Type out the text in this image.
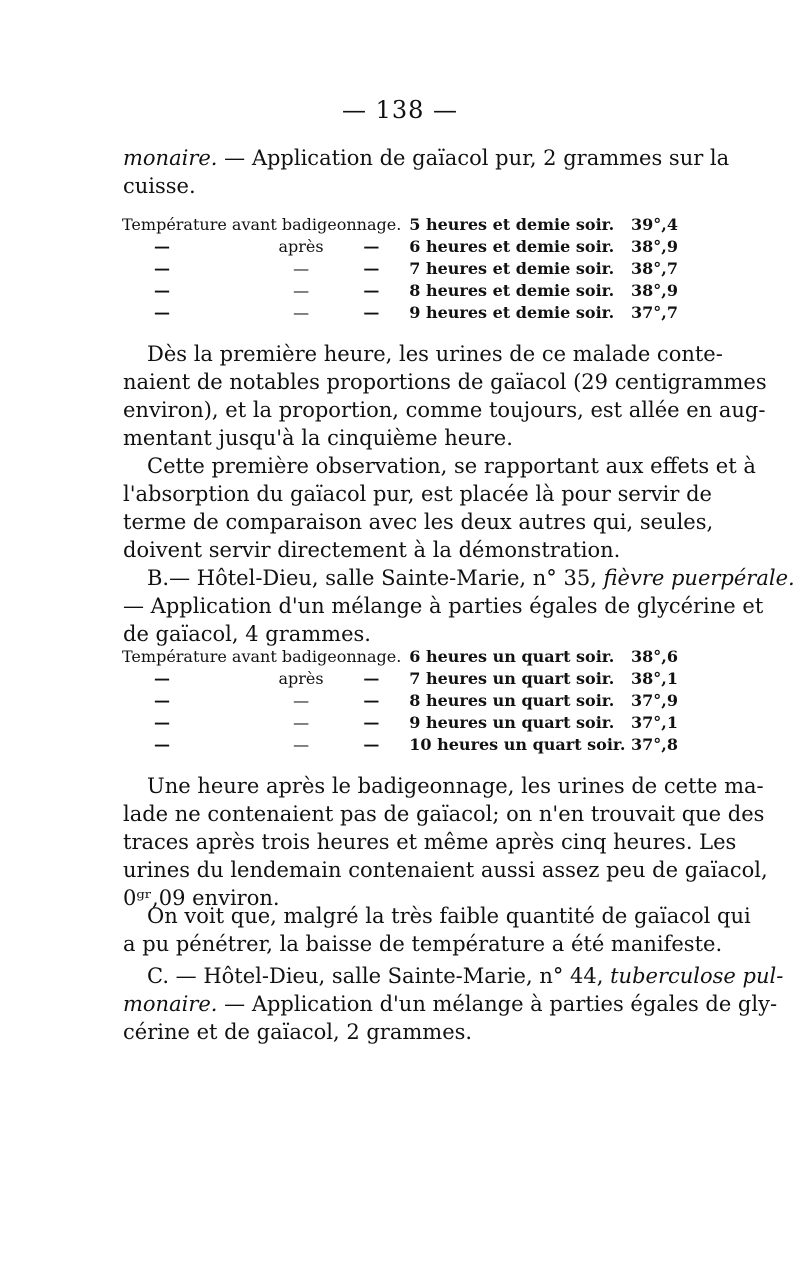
— 138 —
monaire. — Application de gaïacol pur, 2 grammes sur la
cuisse.
Température avant badigeonnage.			5 heures et demie soir.	39°,4
—	après	—	6 heures et demie soir.	38°,9
—	—	—	7 heures et demie soir.	38°,7
—	—	—	8 heures et demie soir.	38°,9
—	—	—	9 heures et demie soir.	37°,7
Dès la première heure, les urines de ce malade conte-
naient de notables proportions de gaïacol (29 centigrammes
environ), et la proportion, comme toujours, est allée en aug-
mentant jusqu'à la cinquième heure.
Cette première observation, se rapportant aux effets et à
l'absorption du gaïacol pur, est placée là pour servir de
terme de comparaison avec les deux autres qui, seules,
doivent servir directement à la démonstration.
B.— Hôtel-Dieu, salle Sainte-Marie, n° 35, fièvre puerpérale.
— Application d'un mélange à parties égales de glycérine et
de gaïacol, 4 grammes.
Température avant badigeonnage.			6 heures un quart soir.	38°,6
—	après	—	7 heures un quart soir.	38°,1
—	—	—	8 heures un quart soir.	37°,9
—	—	—	9 heures un quart soir.	37°,1
—	—	—	10 heures un quart soir.	37°,8
Une heure après le badigeonnage, les urines de cette ma-
lade ne contenaient pas de gaïacol; on n'en trouvait que des
traces après trois heures et même après cinq heures. Les
urines du lendemain contenaient aussi assez peu de gaïacol,
0ᵍʳ,09 environ.
On voit que, malgré la très faible quantité de gaïacol qui
a pu pénétrer, la baisse de température a été manifeste.
C. — Hôtel-Dieu, salle Sainte-Marie, n° 44, tuberculose pul-
monaire. — Application d'un mélange à parties égales de gly-
cérine et de gaïacol, 2 grammes.
